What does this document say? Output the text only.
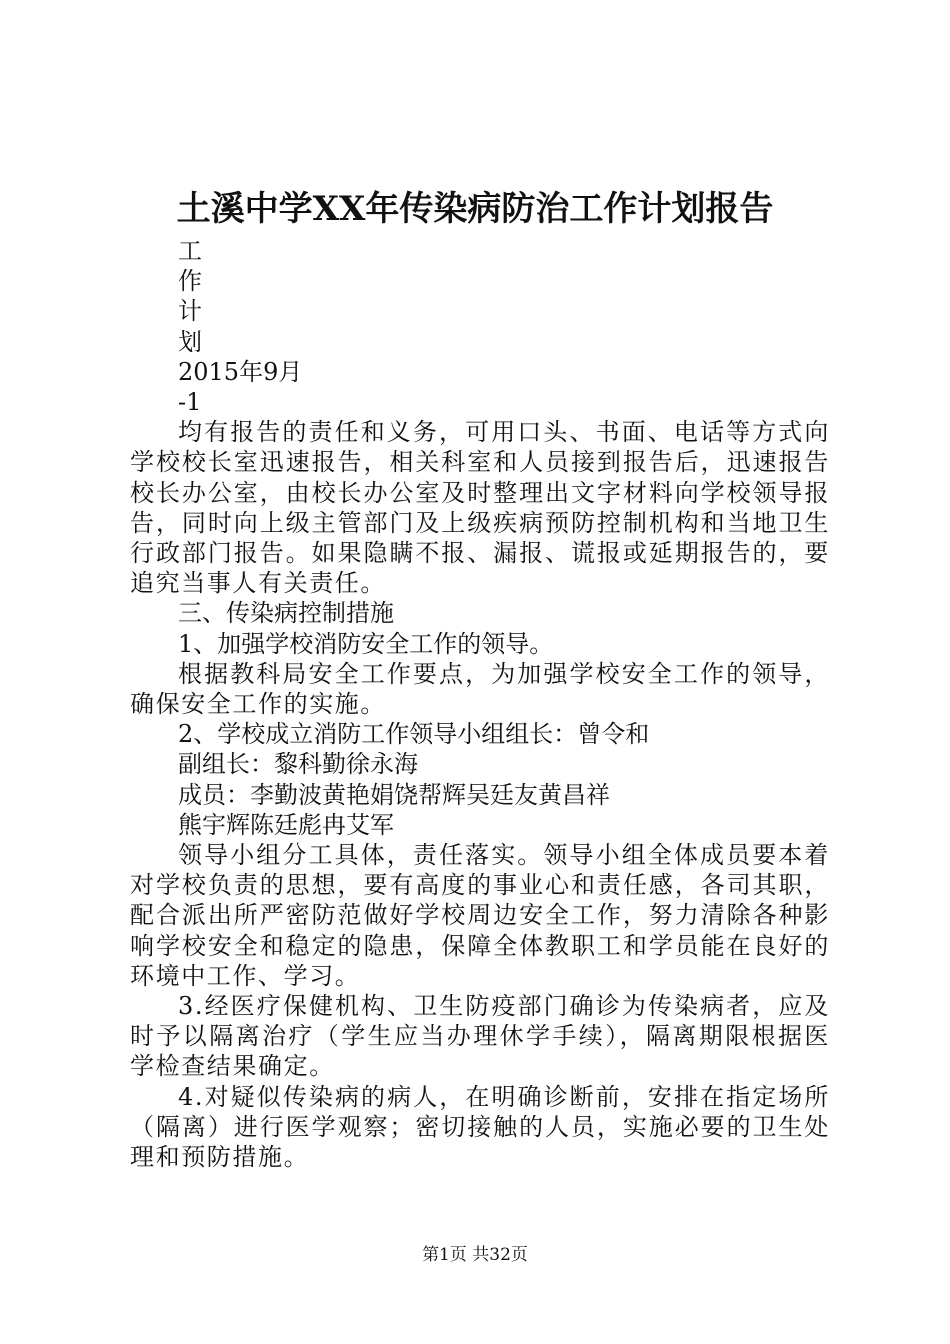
土溪中学XX年传染病防治工作计划报告
工
作
计
划
2015年9月
-1
均有报告的责任和义务，可用口头、书面、电话等方式向学校校长室迅速报告，相关科室和人员接到报告后，迅速报告校长办公室，由校长办公室及时整理出文字材料向学校领导报告，同时向上级主管部门及上级疾病预防控制机构和当地卫生行政部门报告。如果隐瞒不报、漏报、谎报或延期报告的，要追究当事人有关责任。
三、传染病控制措施
1、加强学校消防安全工作的领导。
根据教科局安全工作要点，为加强学校安全工作的领导，确保安全工作的实施。
2、学校成立消防工作领导小组组长：曾令和
副组长：黎科勤徐永海
成员：李勤波黄艳娟饶帮辉吴廷友黄昌祥
熊宇辉陈廷彪冉艾军
领导小组分工具体，责任落实。领导小组全体成员要本着对学校负责的思想，要有高度的事业心和责任感，各司其职，配合派出所严密防范做好学校周边安全工作，努力清除各种影响学校安全和稳定的隐患，保障全体教职工和学员能在良好的环境中工作、学习。
3.经医疗保健机构、卫生防疫部门确诊为传染病者，应及时予以隔离治疗（学生应当办理休学手续），隔离期限根据医学检查结果确定。
4.对疑似传染病的病人，在明确诊断前，安排在指定场所（隔离）进行医学观察；密切接触的人员，实施必要的卫生处理和预防措施。
第1页 共32页
